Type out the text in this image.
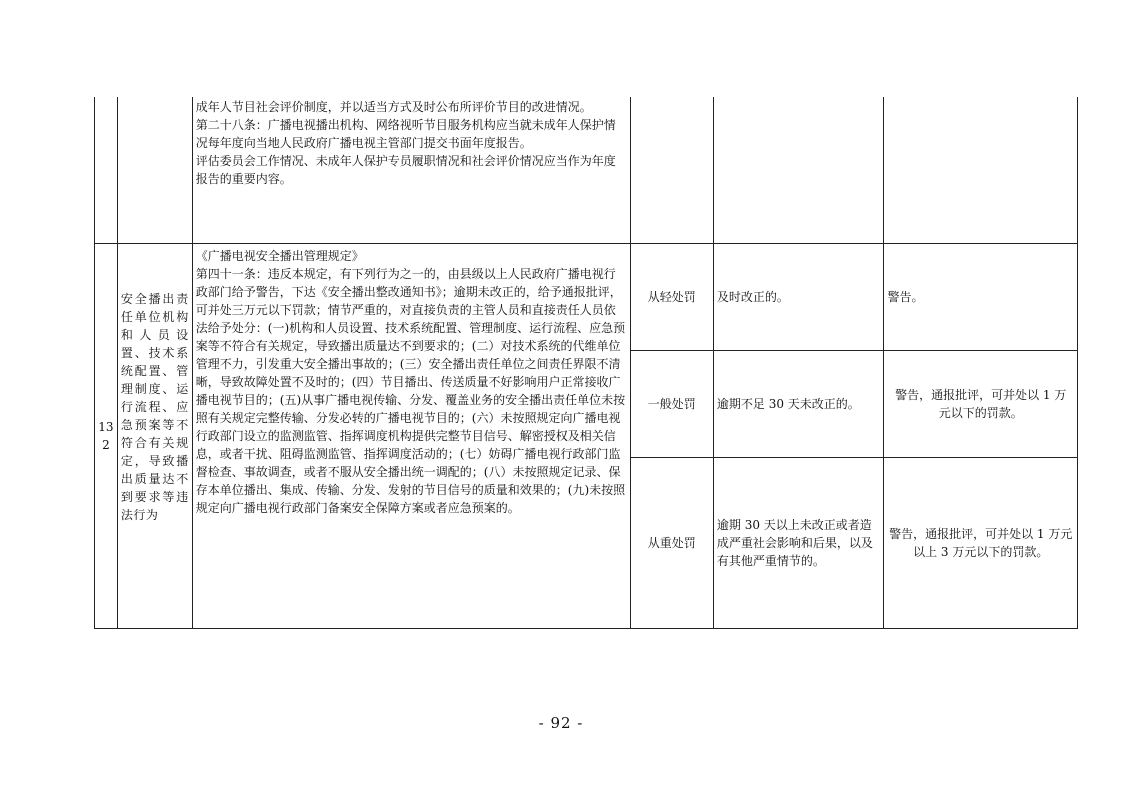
		成年人节目社会评价制度，并以适当方式及时公布所评价节目的改进情况。
第二十八条：广播电视播出机构、网络视听节目服务机构应当就未成年人保护情况每年度向当地人民政府广播电视主管部门提交书面年度报告。
评估委员会工作情况、未成年人保护专员履职情况和社会评价情况应当作为年度报告的重要内容。			

132	安全播出责任单位机构和人员设置、技术系统配置、管理制度、运行流程、应急预案等不符合有关规定，导致播出质量达不到要求等违法行为	《广播电视安全播出管理规定》
第四十一条：违反本规定，有下列行为之一的，由县级以上人民政府广播电视行政部门给予警告，下达《安全播出整改通知书》；逾期未改正的，给予通报批评，可并处三万元以下罚款；情节严重的，对直接负责的主管人员和直接责任人员依法给予处分：(一)机构和人员设置、技术系统配置、管理制度、运行流程、应急预案等不符合有关规定，导致播出质量达不到要求的；(二）对技术系统的代维单位管理不力，引发重大安全播出事故的；(三）安全播出责任单位之间责任界限不清晰，导致故障处置不及时的；(四）节目播出、传送质量不好影响用户正常接收广播电视节目的；(五)从事广播电视传输、分发、覆盖业务的安全播出责任单位未按照有关规定完整传输、分发必转的广播电视节目的；(六）未按照规定向广播电视行政部门设立的监测监管、指挥调度机构提供完整节目信号、解密授权及相关信息，或者干扰、阻碍监测监管、指挥调度活动的；(七）妨碍广播电视行政部门监督检查、事故调查，或者不服从安全播出统一调配的；(八）未按照规定记录、保存本单位播出、集成、传输、分发、发射的节目信号的质量和效果的；(九)未按照规定向广播电视行政部门备案安全保障方案或者应急预案的。	从轻处罚	及时改正的。	警告。
			一般处罚	逾期不足 30 天未改正的。	警告，通报批评，可并处以 1 万元以下的罚款。
			从重处罚	逾期 30 天以上未改正或者造成严重社会影响和后果，以及有其他严重情节的。	警告，通报批评，可并处以 1 万元以上 3 万元以下的罚款。
- 92 -
